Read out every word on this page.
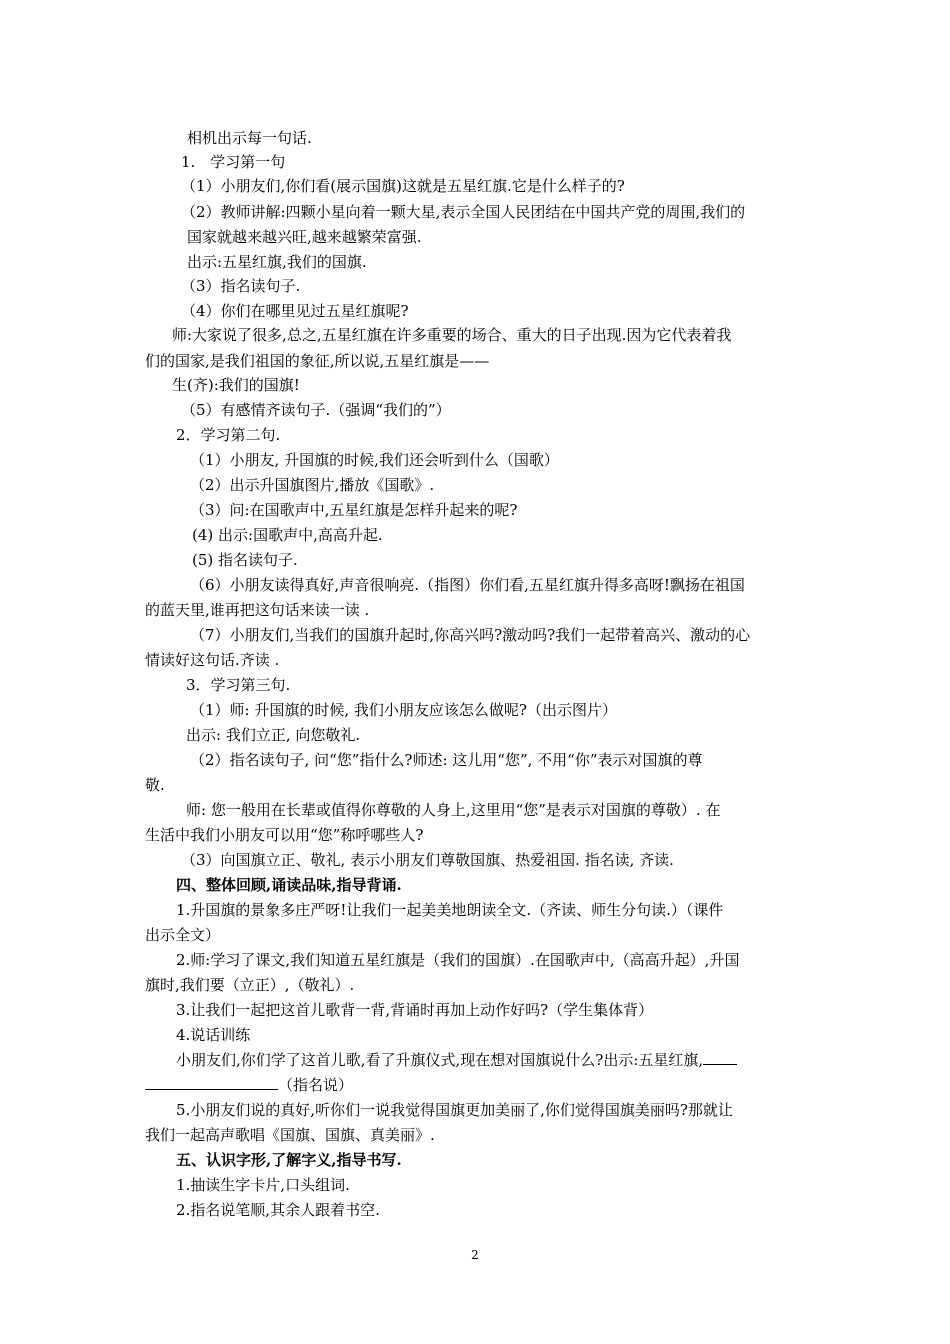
相机出示每一句话.
1.　学习第一句
（1）小朋友们,你们看(展示国旗)这就是五星红旗.它是什么样子的?
（2）教师讲解:四颗小星向着一颗大星,表示全国人民团结在中国共产党的周围,我们的
国家就越来越兴旺,越来越繁荣富强.
出示:五星红旗,我们的国旗.
（3）指名读句子.
（4）你们在哪里见过五星红旗呢?
师:大家说了很多,总之,五星红旗在许多重要的场合、重大的日子出现.因为它代表着我
们的国家,是我们祖国的象征,所以说,五星红旗是——
生(齐):我们的国旗!
（5）有感情齐读句子.（强调“我们的”）
2．学习第二句.
（1）小朋友, 升国旗的时候,我们还会听到什么（国歌）
（2）出示升国旗图片,播放《国歌》.
（3）问:在国歌声中,五星红旗是怎样升起来的呢?
(4) 出示:国歌声中,高高升起.
(5) 指名读句子.
（6）小朋友读得真好,声音很响亮.（指图）你们看,五星红旗升得多高呀!飘扬在祖国
的蓝天里,谁再把这句话来读一读 .
（7）小朋友们,当我们的国旗升起时,你高兴吗?激动吗?我们一起带着高兴、激动的心
情读好这句话.齐读 .
3．学习第三句.
（1）师: 升国旗的时候, 我们小朋友应该怎么做呢?（出示图片）
出示: 我们立正, 向您敬礼.
（2）指名读句子, 问“您”指什么?师述: 这儿用“您”, 不用“你”表示对国旗的尊
敬.
师: 您一般用在长辈或值得你尊敬的人身上,这里用“您”是表示对国旗的尊敬）. 在
生活中我们小朋友可以用“您”称呼哪些人?
（3）向国旗立正、敬礼, 表示小朋友们尊敬国旗、热爱祖国. 指名读, 齐读.
四、整体回顾,诵读品味,指导背诵.
1.升国旗的景象多庄严呀!让我们一起美美地朗读全文.（齐读、师生分句读.）（课件
出示全文）
2.师:学习了课文,我们知道五星红旗是（我们的国旗）.在国歌声中,（高高升起）,升国
旗时,我们要（立正）,（敬礼）.
3.让我们一起把这首儿歌背一背,背诵时再加上动作好吗?（学生集体背）
4.说话训练
小朋友们,你们学了这首儿歌,看了升旗仪式,现在想对国旗说什么?出示:五星红旗,
（指名说）
5.小朋友们说的真好,听你们一说我觉得国旗更加美丽了,你们觉得国旗美丽吗?那就让
我们一起高声歌唱《国旗、国旗、真美丽》.
五、认识字形,了解字义,指导书写.
1.抽读生字卡片,口头组词.
2.指名说笔顺,其余人跟着书空.
2
